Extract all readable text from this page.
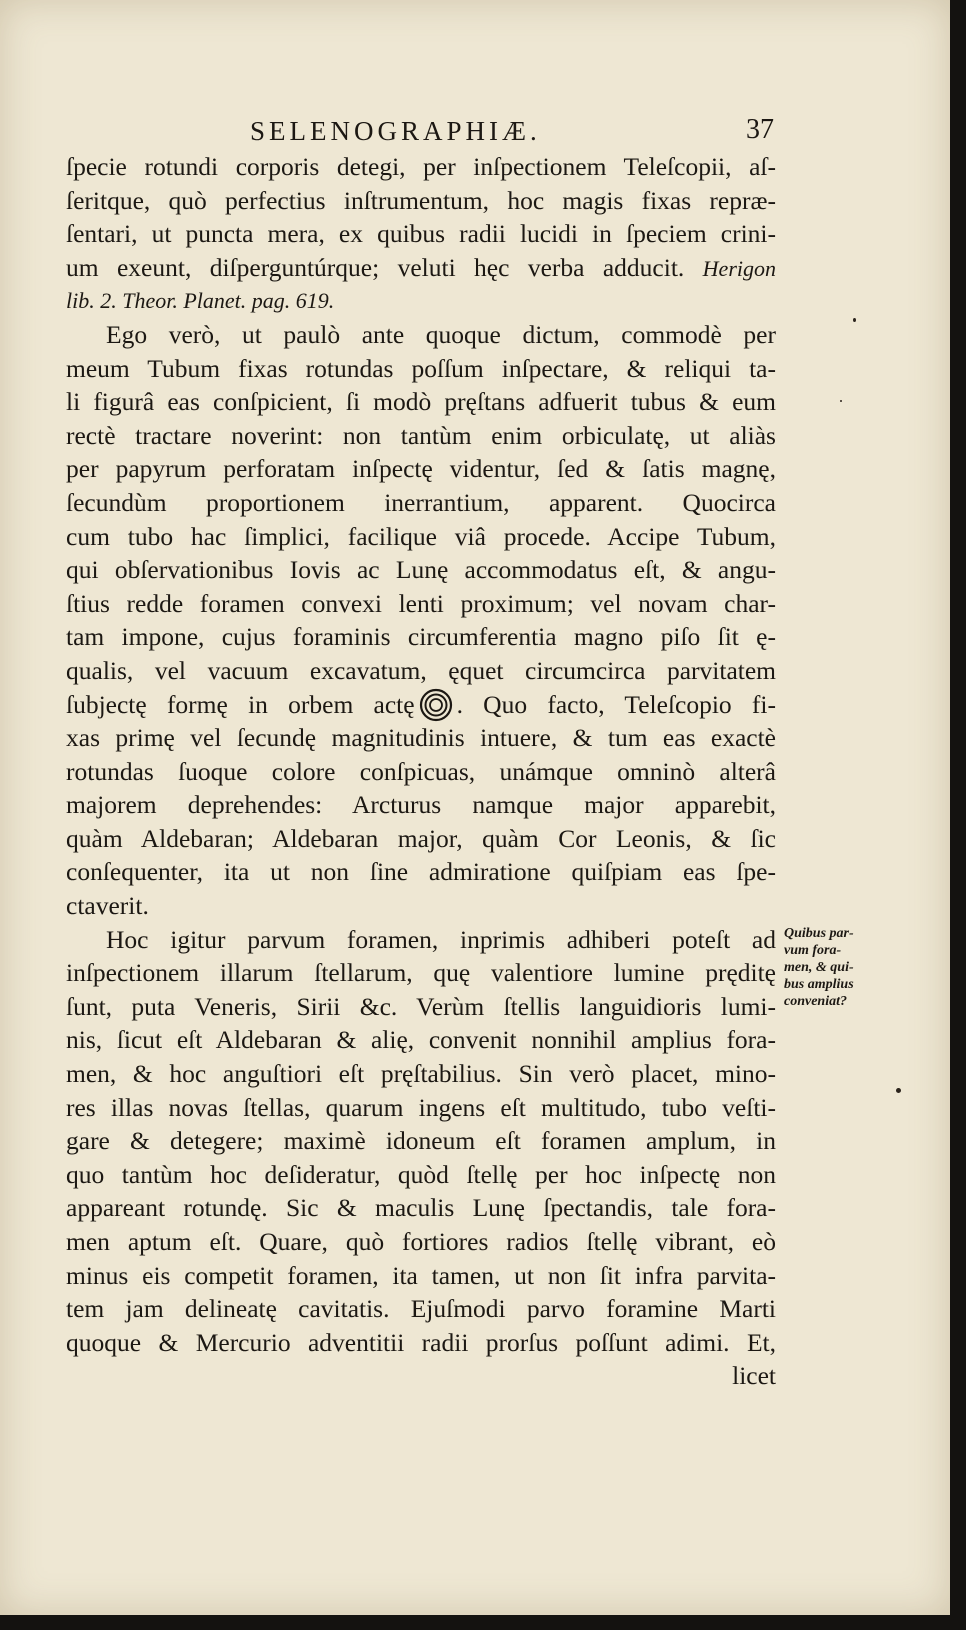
SELENOGRAPHIÆ.	37
ſpecie rotundi corporis detegi, per inſpectionem Teleſcopii, aſ-
ſeritque, quò perfectius inſtrumentum, hoc magis fixas repræ-
ſentari, ut puncta mera, ex quibus radii lucidi in ſpeciem crini-
um exeunt, diſperguntúrque; veluti hęc verba adducit. Herigon
lib. 2. Theor. Planet. pag. 619.
Ego verò, ut paulò ante quoque dictum, commodè per
meum Tubum fixas rotundas poſſum inſpectare, & reliqui ta-
li figurâ eas conſpicient, ſi modò pręſtans adfuerit tubus & eum
rectè tractare noverint: non tantùm enim orbiculatę, ut aliàs
per papyrum perforatam inſpectę videntur, ſed & ſatis magnę,
ſecundùm proportionem inerrantium, apparent. Quocirca
cum tubo hac ſimplici, facilique viâ procede. Accipe Tubum,
qui obſervationibus Iovis ac Lunę accommodatus eſt, & angu-
ſtius redde foramen convexi lenti proximum; vel novam char-
tam impone, cujus foraminis circumferentia magno piſo ſit ę-
qualis, vel vacuum excavatum, ęquet circumcirca parvitatem
ſubjectę formę in orbem actę . Quo facto, Teleſcopio fi-
xas primę vel ſecundę magnitudinis intuere, & tum eas exactè
rotundas ſuoque colore conſpicuas, unámque omninò alterâ
majorem deprehendes: Arcturus namque major apparebit,
quàm Aldebaran; Aldebaran major, quàm Cor Leonis, & ſic
conſequenter, ita ut non ſine admiratione quiſpiam eas ſpe-
ctaverit.
Hoc igitur parvum foramen, inprimis adhiberi poteſt ad
inſpectionem illarum ſtellarum, quę valentiore lumine pręditę
ſunt, puta Veneris, Sirii &c. Verùm ſtellis languidioris lumi-
nis, ſicut eſt Aldebaran & alię, convenit nonnihil amplius fora-
men, & hoc anguſtiori eſt pręſtabilius. Sin verò placet, mino-
res illas novas ſtellas, quarum ingens eſt multitudo, tubo veſti-
gare & detegere; maximè idoneum eſt foramen amplum, in
quo tantùm hoc deſideratur, quòd ſtellę per hoc inſpectę non
appareant rotundę. Sic & maculis Lunę ſpectandis, tale fora-
men aptum eſt. Quare, quò fortiores radios ſtellę vibrant, eò
minus eis competit foramen, ita tamen, ut non ſit infra parvita-
tem jam delineatę cavitatis. Ejuſmodi parvo foramine Marti
quoque & Mercurio adventitii radii prorſus poſſunt adimi. Et,
licet
Quibus par-
vum fora-
men, & qui-
bus amplius
conveniat?
